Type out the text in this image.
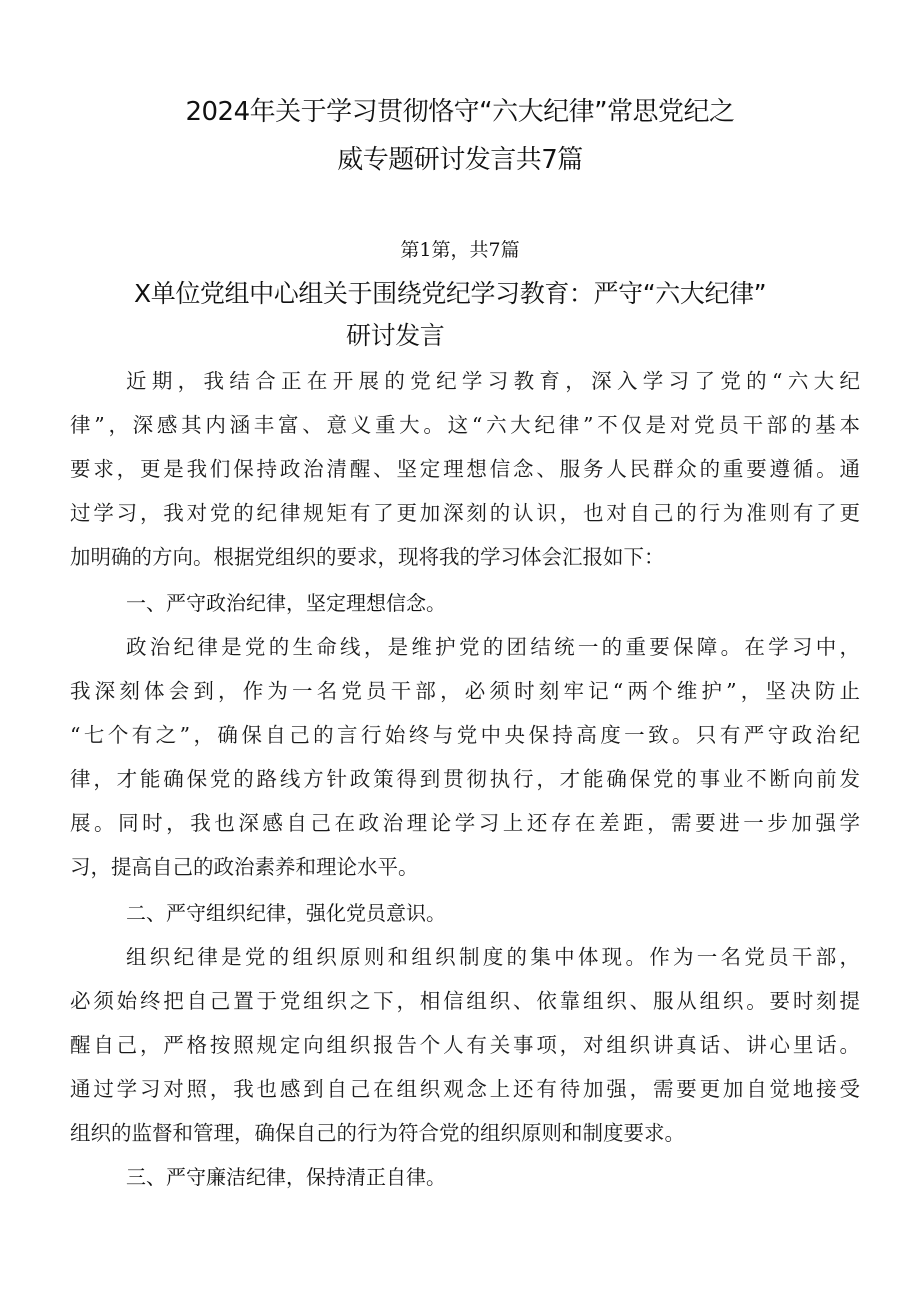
2024年关于学习贯彻恪守“六大纪律”常思党纪之
威专题研讨发言共7篇
第1第，共7篇
X单位党组中心组关于围绕党纪学习教育：严守“六大纪律”
研讨发言
近期，我结合正在开展的党纪学习教育，深入学习了党的“六大纪
律”，深感其内涵丰富、意义重大。这“六大纪律”不仅是对党员干部的基本
要求，更是我们保持政治清醒、坚定理想信念、服务人民群众的重要遵循。通
过学习，我对党的纪律规矩有了更加深刻的认识，也对自己的行为准则有了更
加明确的方向。根据党组织的要求，现将我的学习体会汇报如下：
一、严守政治纪律，坚定理想信念。
政治纪律是党的生命线，是维护党的团结统一的重要保障。在学习中，
我深刻体会到，作为一名党员干部，必须时刻牢记“两个维护”，坚决防止
“七个有之”，确保自己的言行始终与党中央保持高度一致。只有严守政治纪
律，才能确保党的路线方针政策得到贯彻执行，才能确保党的事业不断向前发
展。同时，我也深感自己在政治理论学习上还存在差距，需要进一步加强学
习，提高自己的政治素养和理论水平。
二、严守组织纪律，强化党员意识。
组织纪律是党的组织原则和组织制度的集中体现。作为一名党员干部，
必须始终把自己置于党组织之下，相信组织、依靠组织、服从组织。要时刻提
醒自己，严格按照规定向组织报告个人有关事项，对组织讲真话、讲心里话。
通过学习对照，我也感到自己在组织观念上还有待加强，需要更加自觉地接受
组织的监督和管理，确保自己的行为符合党的组织原则和制度要求。
三、严守廉洁纪律，保持清正自律。
